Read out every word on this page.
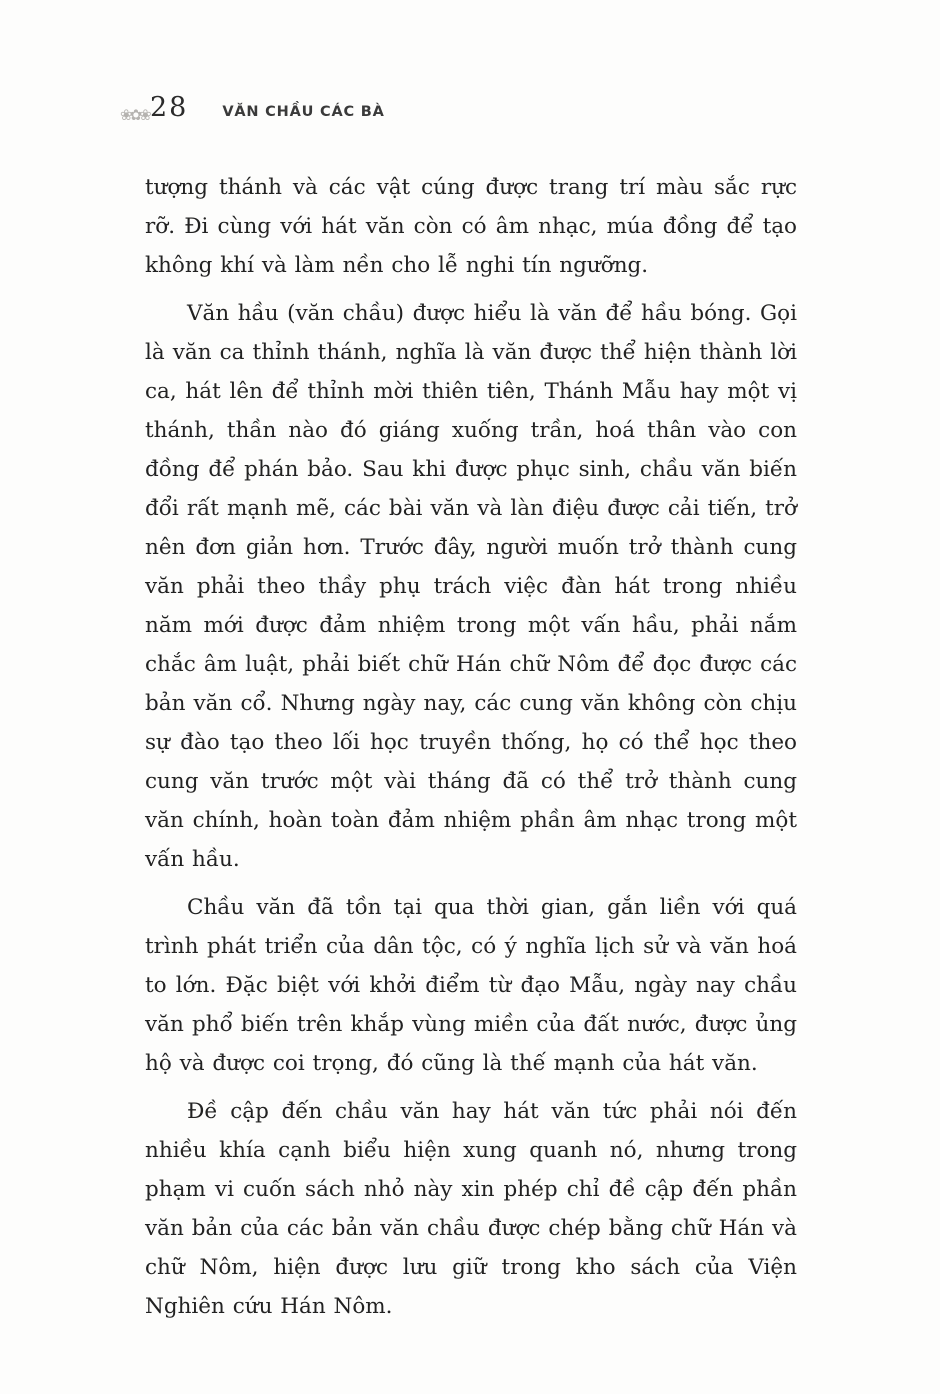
❀✿❀ 28 VĂN CHẦU CÁC BÀ

tượng thánh và các vật cúng được trang trí màu sắc rực rỡ. Đi cùng với hát văn còn có âm nhạc, múa đồng để tạo không khí và làm nền cho lễ nghi tín ngưỡng.

Văn hầu (văn chầu) được hiểu là văn để hầu bóng. Gọi là văn ca thỉnh thánh, nghĩa là văn được thể hiện thành lời ca, hát lên để thỉnh mời thiên tiên, Thánh Mẫu hay một vị thánh, thần nào đó giáng xuống trần, hoá thân vào con đồng để phán bảo. Sau khi được phục sinh, chầu văn biến đổi rất mạnh mẽ, các bài văn và làn điệu được cải tiến, trở nên đơn giản hơn. Trước đây, người muốn trở thành cung văn phải theo thầy phụ trách việc đàn hát trong nhiều năm mới được đảm nhiệm trong một vấn hầu, phải nắm chắc âm luật, phải biết chữ Hán chữ Nôm để đọc được các bản văn cổ. Nhưng ngày nay, các cung văn không còn chịu sự đào tạo theo lối học truyền thống, họ có thể học theo cung văn trước một vài tháng đã có thể trở thành cung văn chính, hoàn toàn đảm nhiệm phần âm nhạc trong một vấn hầu.

Chầu văn đã tồn tại qua thời gian, gắn liền với quá trình phát triển của dân tộc, có ý nghĩa lịch sử và văn hoá to lớn. Đặc biệt với khởi điểm từ đạo Mẫu, ngày nay chầu văn phổ biến trên khắp vùng miền của đất nước, được ủng hộ và được coi trọng, đó cũng là thế mạnh của hát văn.

Đề cập đến chầu văn hay hát văn tức phải nói đến nhiều khía cạnh biểu hiện xung quanh nó, nhưng trong phạm vi cuốn sách nhỏ này xin phép chỉ đề cập đến phần văn bản của các bản văn chầu được chép bằng chữ Hán và chữ Nôm, hiện được lưu giữ trong kho sách của Viện Nghiên cứu Hán Nôm.
